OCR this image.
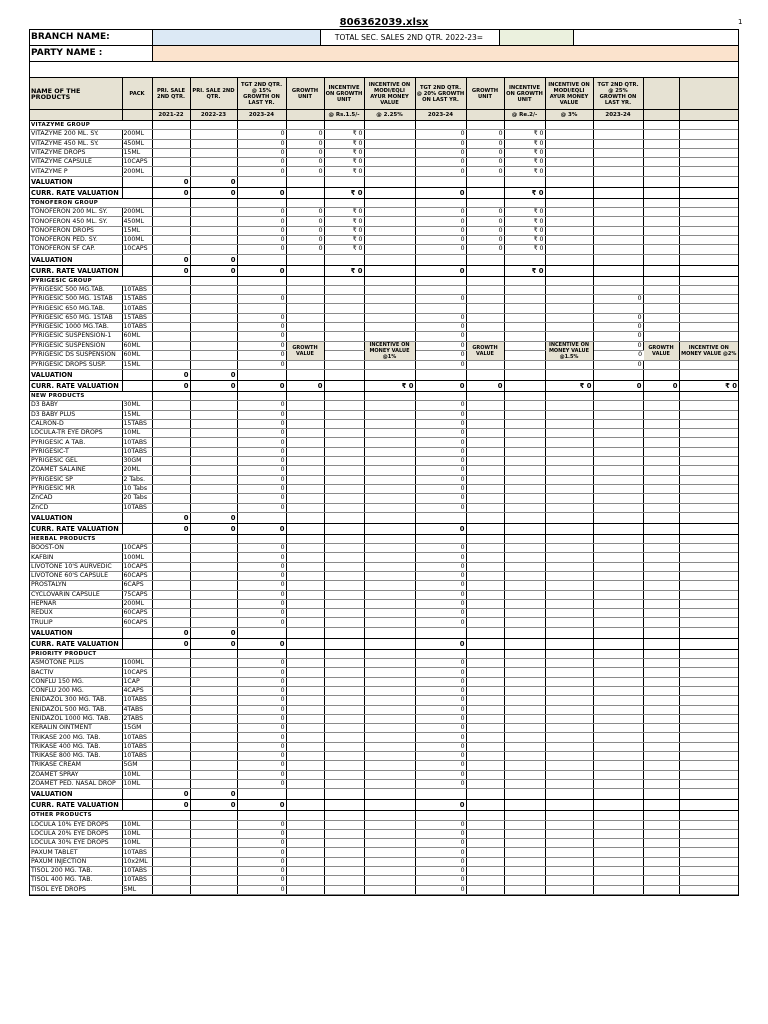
806362039.xlsx	1
BRANCH NAME:	TOTAL SEC. SALES 2ND QTR. 2022-23=
PARTY NAME :
NAME OF THE PRODUCTS	PACK	PRI. SALE 2ND QTR.	PRI. SALE 2ND QTR.	TGT 2ND QTR. @ 15% GROWTH ON LAST YR.	GROWTH UNIT	INCENTIVE ON GROWTH UNIT	INCENTIVE ON MODI/EQLI AYUR MONEY VALUE	TGT 2ND QTR. @ 20% GROWTH ON LAST YR.	GROWTH UNIT	INCENTIVE ON GROWTH UNIT	INCENTIVE ON MODI/EQLI AYUR MONEY VALUE	TGT 2ND QTR. @ 25% GROWTH ON LAST YR.		
		2021-22	2022-23	2023-24		@ Rs.1.5/-	@ 2.25%	2023-24		@ Re.2/-	@ 3%	2023-24		
VITAZYME GROUP														
VITAZYME 200 ML. SY.	200ML			0	0	₹ 0		0	0	₹ 0				
VITAZYME 450 ML. SY.	450ML			0	0	₹ 0		0	0	₹ 0				
VITAZYME DROPS	15ML			0	0	₹ 0		0	0	₹ 0				
VITAZYME CAPSULE	10CAPS			0	0	₹ 0		0	0	₹ 0				
VITAZYME P	200ML			0	0	₹ 0		0	0	₹ 0				
VALUATION		0	0											
CURR. RATE VALUATION		0	0	0		₹ 0		0		₹ 0				
TONOFERON GROUP														
TONOFERON 200 ML. SY.	200ML			0	0	₹ 0		0	0	₹ 0				
TONOFERON 450 ML. SY.	450ML			0	0	₹ 0		0	0	₹ 0				
TONOFERON DROPS	15ML			0	0	₹ 0		0	0	₹ 0				
TONOFERON PED. SY.	100ML			0	0	₹ 0		0	0	₹ 0				
TONOFERON SF CAP.	10CAPS			0	0	₹ 0		0	0	₹ 0				
VALUATION		0	0											
CURR. RATE VALUATION		0	0	0		₹ 0		0		₹ 0				
PYRIGESIC GROUP														
PYRIGESIC 500 MG.TAB.	10TABS													
PYRIGESIC 500 MG. 1STAB	15TABS			0				0				0		
PYRIGESIC 650 MG.TAB.	10TABS													
PYRIGESIC 650 MG. 1STAB	15TABS			0				0				0		
PYRIGESIC 1000 MG.TAB.	10TABS			0				0				0		
PYRIGESIC SUSPENSION-1	60ML			0				0				0		
PYRIGESIC SUSPENSION	60ML			0	GROWTH VALUE		INCENTIVE ON MONEY VALUE @1%	0	GROWTH VALUE		INCENTIVE ON MONEY VALUE @1.5%	0	GROWTH VALUE	INCENTIVE ON MONEY VALUE @2%
PYRIGESIC DS SUSPENSION	60ML			0				0				0		
PYRIGESIC DROPS SUSP.	15ML			0				0				0		
VALUATION		0	0											
CURR. RATE VALUATION		0	0	0	0		₹ 0	0	0		₹ 0	0	0	₹ 0
NEW PRODUCTS														
D3 BABY	30ML			0				0						
D3 BABY PLUS	15ML			0				0						
CALRON-D	15TABS			0				0						
LOCULA-TR EYE DROPS	10ML			0				0						
PYRIGESIC A TAB.	10TABS			0				0						
PYRIGESIC-T	10TABS			0				0						
PYRIGESIC GEL	30GM			0				0						
ZOAMET SALAINE	20ML			0				0						
PYRIGESIC SP	2 Tabs.			0				0						
PYRIGESIC MR	10 Tabs			0				0						
ZnCAD	20 Tabs			0				0						
ZnCD	10TABS			0				0						
VALUATION		0	0											
CURR. RATE VALUATION		0	0	0				0						
HERBAL PRODUCTS														
BOOST-ON	10CAPS			0				0						
KAFBIN	100ML			0				0						
LIVOTONE 10'S AURVEDIC	10CAPS			0				0						
LIVOTONE 60'S CAPSULE	60CAPS			0				0						
PROSTALYN	6CAPS			0				0						
CYCLOVARIN CAPSULE	75CAPS			0				0						
HEPNAR	200ML			0				0						
REDUX	60CAPS			0				0						
TRULIP	60CAPS			0				0						
VALUATION		0	0											
CURR. RATE VALUATION		0	0	0				0						
PRIORITY PRODUCT														
ASMOTONE PLUS	100ML			0				0						
BACTIV	10CAPS			0				0						
CONFLU 150 MG.	1CAP			0				0						
CONFLU 200 MG.	4CAPS			0				0						
ENIDAZOL 300 MG. TAB.	10TABS			0				0						
ENIDAZOL 500 MG. TAB.	4TABS			0				0						
ENIDAZOL 1000 MG. TAB.	2TABS			0				0						
KERALIN OINTMENT	15GM			0				0						
TRIKASE 200 MG. TAB.	10TABS			0				0						
TRIKASE 400 MG. TAB.	10TABS			0				0						
TRIKASE 800 MG. TAB.	10TABS			0				0						
TRIKASE CREAM	5GM			0				0						
ZOAMET SPRAY	10ML			0				0						
ZOAMET PED. NASAL DROP	10ML			0				0						
VALUATION		0	0											
CURR. RATE VALUATION		0	0	0				0						
OTHER PRODUCTS														
LOCULA 10% EYE DROPS	10ML			0				0						
LOCULA 20% EYE DROPS	10ML			0				0						
LOCULA 30% EYE DROPS	10ML			0				0						
PAXUM TABLET	10TABS			0				0						
PAXUM INJECTION	10x2ML			0				0						
TISOL 200 MG. TAB.	10TABS			0				0						
TISOL 400 MG. TAB.	10TABS			0				0						
TISOL EYE DROPS	5ML			0				0						
